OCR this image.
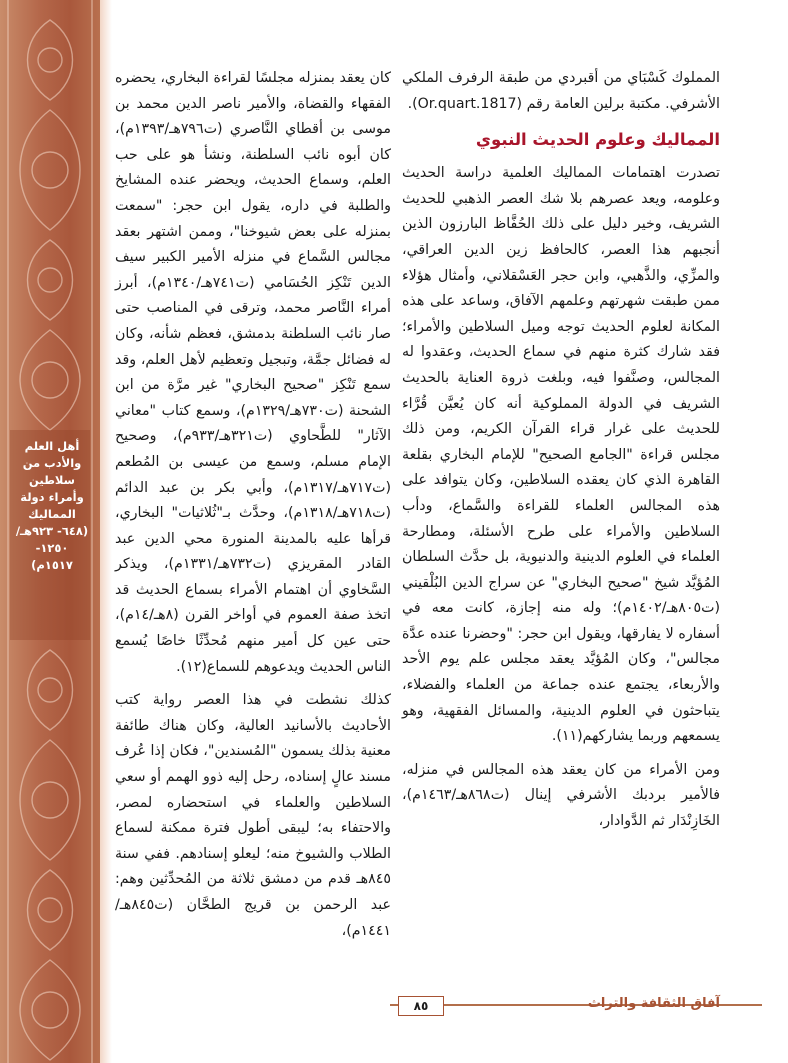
أهل العلم والأدب من سلاطين وأمراء دولة المماليك (٦٤٨- ٩٢٣هـ/ ١٢٥٠- ١٥١٧م)

المملوك كَسْبَاي من أقبردي من طبقة الرفرف الملكي الأشرفي. مكتبة برلين العامة رقم (Or.quart.1817).

المماليك وعلوم الحديث النبوي

تصدرت اهتمامات المماليك العلمية دراسة الحديث وعلومه، ويعد عصرهم بلا شك العصر الذهبي للحديث الشريف، وخير دليل على ذلك الحُفَّاظ البارزون الذين أنجبهم هذا العصر، كالحافظ زين الدين العراقي، والمزِّي، والذَّهبي، وابن حجر العَسْقلاني، وأمثال هؤلاء ممن طبقت شهرتهم وعلمهم الآفاق، وساعد على هذه المكانة لعلوم الحديث توجه وميل السلاطين والأمراء؛ فقد شارك كثرة منهم في سماع الحديث، وعقدوا له المجالس، وصنَّفوا فيه، وبلغت ذروة العناية بالحديث الشريف في الدولة المملوكية أنه كان يُعيَّن قُرَّاء للحديث على غرار قراء القرآن الكريم، ومن ذلك مجلس قراءة "الجامع الصحيح" للإمام البخاري بقلعة القاهرة الذي كان يعقده السلاطين، وكان يتوافد على هذه المجالس العلماء للقراءة والسَّماع، ودأب السلاطين والأمراء على طرح الأسئلة، ومطارحة العلماء في العلوم الدينية والدنيوية، بل حدَّث السلطان المُؤيَّد شيخ "صحيح البخاري" عن سراج الدين البُلْقيني (ت٨٠٥هـ/١٤٠٢م)؛ وله منه إجازة، كانت معه في أسفاره لا يفارقها، ويقول ابن حجر: "وحضرنا عنده عدَّة مجالس"، وكان المُؤيَّد يعقد مجلس علم يوم الأحد والأربعاء، يجتمع عنده جماعة من العلماء والفضلاء، يتباحثون في العلوم الدينية، والمسائل الفقهية، وهو يسمعهم وربما يشاركهم(١١).

ومن الأمراء من كان يعقد هذه المجالس في منزله، فالأمير بردبك الأشرفي إينال (ت٨٦٨هـ/١٤٦٣م)، الخَازِنْدَار ثم الدَّوادار،

كان يعقد بمنزله مجلسًا لقراءة البخاري، يحضره الفقهاء والقضاة، والأمير ناصر الدين محمد بن موسى بن أقطاي النَّاصري (ت٧٩٦هـ/١٣٩٣م)، كان أبوه نائب السلطنة، ونشأ هو على حب العلم، وسماع الحديث، ويحضر عنده المشايخ والطلبة في داره، يقول ابن حجر: "سمعت بمنزله على بعض شيوخنا"، وممن اشتهر بعقد مجالس السَّماع في منزله الأمير الكبير سيف الدين تَنْكِز الحُسَامي (ت٧٤١هـ/١٣٤٠م)، أبرز أمراء النَّاصر محمد، وترقى في المناصب حتى صار نائب السلطنة بدمشق، فعظم شأنه، وكان له فضائل جمَّة، وتبجيل وتعظيم لأهل العلم، وقد سمع تَنْكِز "صحيح البخاري" غير مرَّة من ابن الشحنة (ت٧٣٠هـ/١٣٢٩م)، وسمع كتاب "معاني الآثار" للطَّحاوي (ت٣٢١هـ/٩٣٣م)، وصحيح الإمام مسلم، وسمع من عيسى بن المُطعم (ت٧١٧هـ/١٣١٧م)، وأبي بكر بن عبد الدائم (ت٧١٨هـ/١٣١٨م)، وحدَّث بـ"ثُلاثيات" البخاري، قرأها عليه بالمدينة المنورة محي الدين عبد القادر المقريزي (ت٧٣٢هـ/١٣٣١م)، ويذكر السَّخاوي أن اهتمام الأمراء بسماع الحديث قد اتخذ صفة العموم في أواخر القرن (٨هـ/١٤م)، حتى عين كل أمير منهم مُحدِّثًا خاصًا يُسمع الناس الحديث ويدعوهم للسماع(١٢).

كذلك نشطت في هذا العصر رواية كتب الأحاديث بالأسانيد العالية، وكان هناك طائفة معنية بذلك يسمون "المُسندين"، فكان إذا عُرف مسند عالٍ إسناده، رحل إليه ذوو الهمم أو سعي السلاطين والعلماء في استحضاره لمصر، والاحتفاء به؛ ليبقى أطول فترة ممكنة لسماع الطلاب والشيوخ منه؛ ليعلو إسنادهم. ففي سنة ٨٤٥هـ قدم من دمشق ثلاثة من المُحدِّثين وهم: عبد الرحمن بن قريج الطحَّان (ت٨٤٥هـ/١٤٤١م)،

آفاق الثقافة والتراث
٨٥
